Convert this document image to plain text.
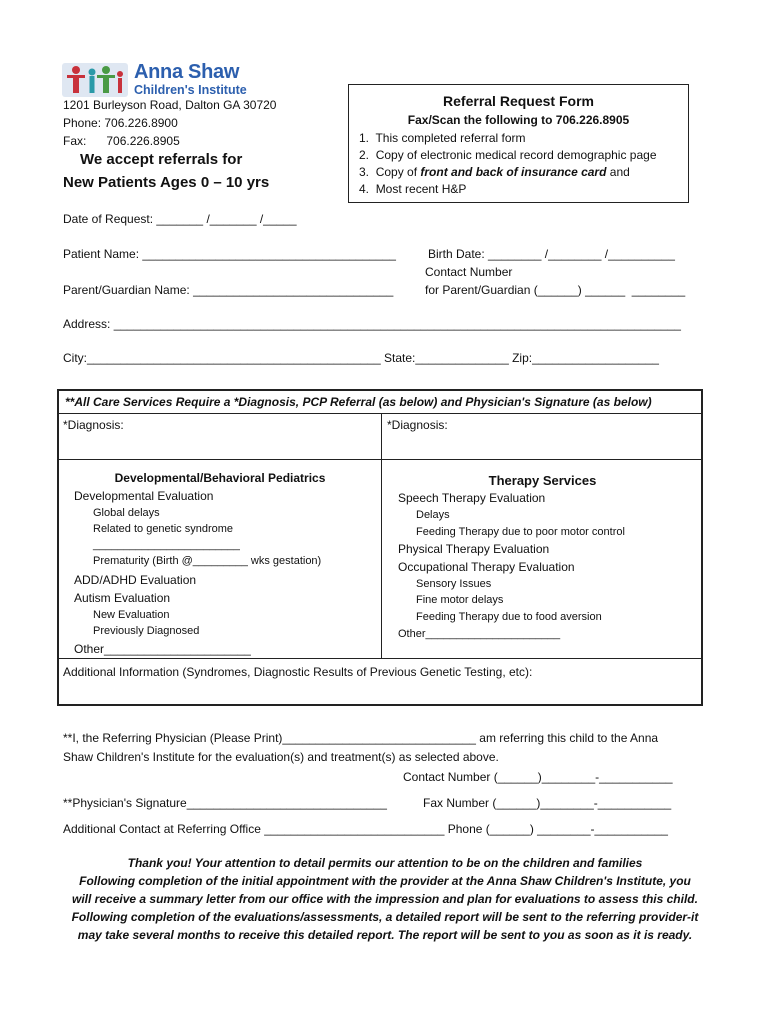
Anna Shaw
Children's Institute
1201 Burleyson Road, Dalton GA 30720
Phone: 706.226.8900
Fax:      706.226.8905
We accept referrals for
New Patients Ages 0 – 10 yrs
Referral Request Form
Fax/Scan the following to 706.226.8905
1. This completed referral form
2. Copy of electronic medical record demographic page
3. Copy of front and back of insurance card and
4. Most recent H&P
Date of Request: _______ /_______ /_____
Patient Name: ______________________________________	Birth Date: ________ /________ /__________
Contact Number
Parent/Guardian Name: ______________________________	for Parent/Guardian (______) ______  ________
Address: _____________________________________________________________________________________
City:____________________________________________ State:______________ Zip:___________________
**All Care Services Require a *Diagnosis, PCP Referral (as below) and Physician's Signature (as below)
*Diagnosis:	*Diagnosis:
Developmental/Behavioral Pediatrics
Developmental Evaluation
Global delays
Related to genetic syndrome
________________________
Prematurity (Birth @_________ wks gestation)
ADD/ADHD Evaluation
Autism Evaluation
New Evaluation
Previously Diagnosed
Other______________________
Therapy Services
Speech Therapy Evaluation
Delays
Feeding Therapy due to poor motor control
Physical Therapy Evaluation
Occupational Therapy Evaluation
Sensory Issues
Fine motor delays
Feeding Therapy due to food aversion
Other______________________
Additional Information (Syndromes, Diagnostic Results of Previous Genetic Testing, etc):
**I, the Referring Physician (Please Print)_____________________________ am referring this child to the Anna
Shaw Children's Institute for the evaluation(s) and treatment(s) as selected above.
Contact Number (______)________-___________
**Physician's Signature______________________________	Fax Number (______)________-___________
Additional Contact at Referring Office ___________________________ Phone (______) ________-___________
Thank you! Your attention to detail permits our attention to be on the children and families
Following completion of the initial appointment with the provider at the Anna Shaw Children's Institute, you
will receive a summary letter from our office with the impression and plan for evaluations to assess this child.
Following completion of the evaluations/assessments, a detailed report will be sent to the referring provider-it
may take several months to receive this detailed report. The report will be sent to you as soon as it is ready.
